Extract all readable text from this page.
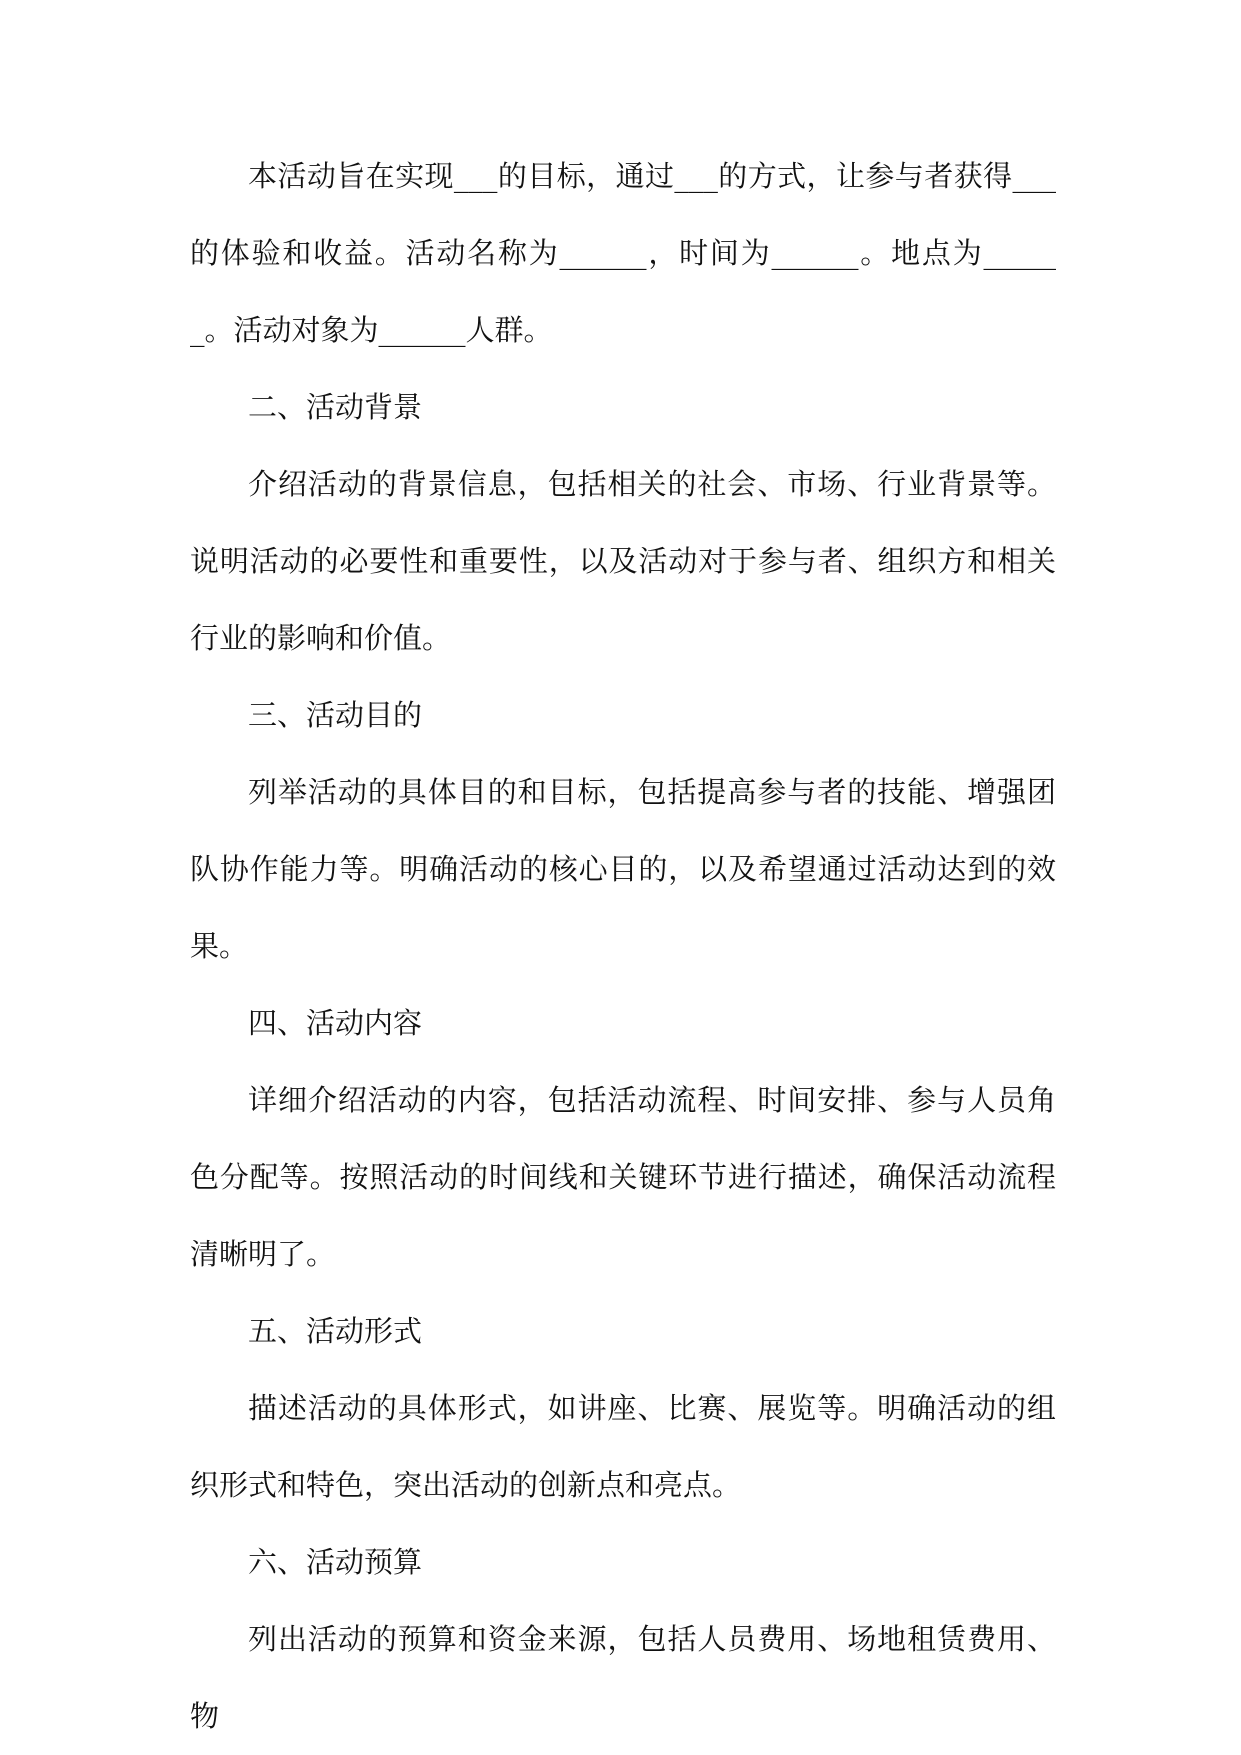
本活动旨在实现___的目标，通过___的方式，让参与者获得___的体验和收益。活动名称为______，时间为______。地点为______。活动对象为______人群。

二、活动背景

介绍活动的背景信息，包括相关的社会、市场、行业背景等。说明活动的必要性和重要性，以及活动对于参与者、组织方和相关行业的影响和价值。

三、活动目的

列举活动的具体目的和目标，包括提高参与者的技能、增强团队协作能力等。明确活动的核心目的，以及希望通过活动达到的效果。

四、活动内容

详细介绍活动的内容，包括活动流程、时间安排、参与人员角色分配等。按照活动的时间线和关键环节进行描述，确保活动流程清晰明了。

五、活动形式

描述活动的具体形式，如讲座、比赛、展览等。明确活动的组织形式和特色，突出活动的创新点和亮点。

六、活动预算

列出活动的预算和资金来源，包括人员费用、场地租赁费用、物
